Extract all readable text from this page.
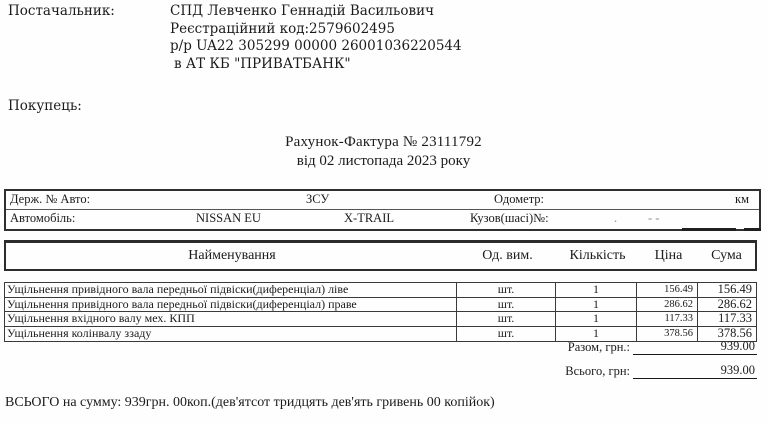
Постачальник:	СПД Левченко Геннадій Васильович
Реєстраційний код:2579602495
р/р UA22 305299 00000 26001036220544
в АТ КБ "ПРИВАТБАНК"
Покупець:
Рахунок-Фактура № 23111792
від 02 листопада 2023 року
Держ. № Авто:	ЗСУ	Одометр:	км
Автомобіль:	NISSAN EU	X-TRAIL	Кузов(шасі)№:	. - -
Найменування	Од. вим.	Кількість	Ціна	Сума
Ущільнення привідного вала передньої підвіски(диференціал) ліве	шт.	1	156.49	156.49
Ущільнення привідного вала передньої підвіски(диференціал) праве	шт.	1	286.62	286.62
Ущільнення вхідного валу мех. КПП	шт.	1	117.33	117.33
Ущільнення колінвалу ззаду	шт.	1	378.56	378.56
Разом, грн.:	939.00
Всього, грн:	939.00
ВСЬОГО на сумму: 939грн. 00коп.(дев'ятсот тридцять дев'ять гривень 00 копійок)
